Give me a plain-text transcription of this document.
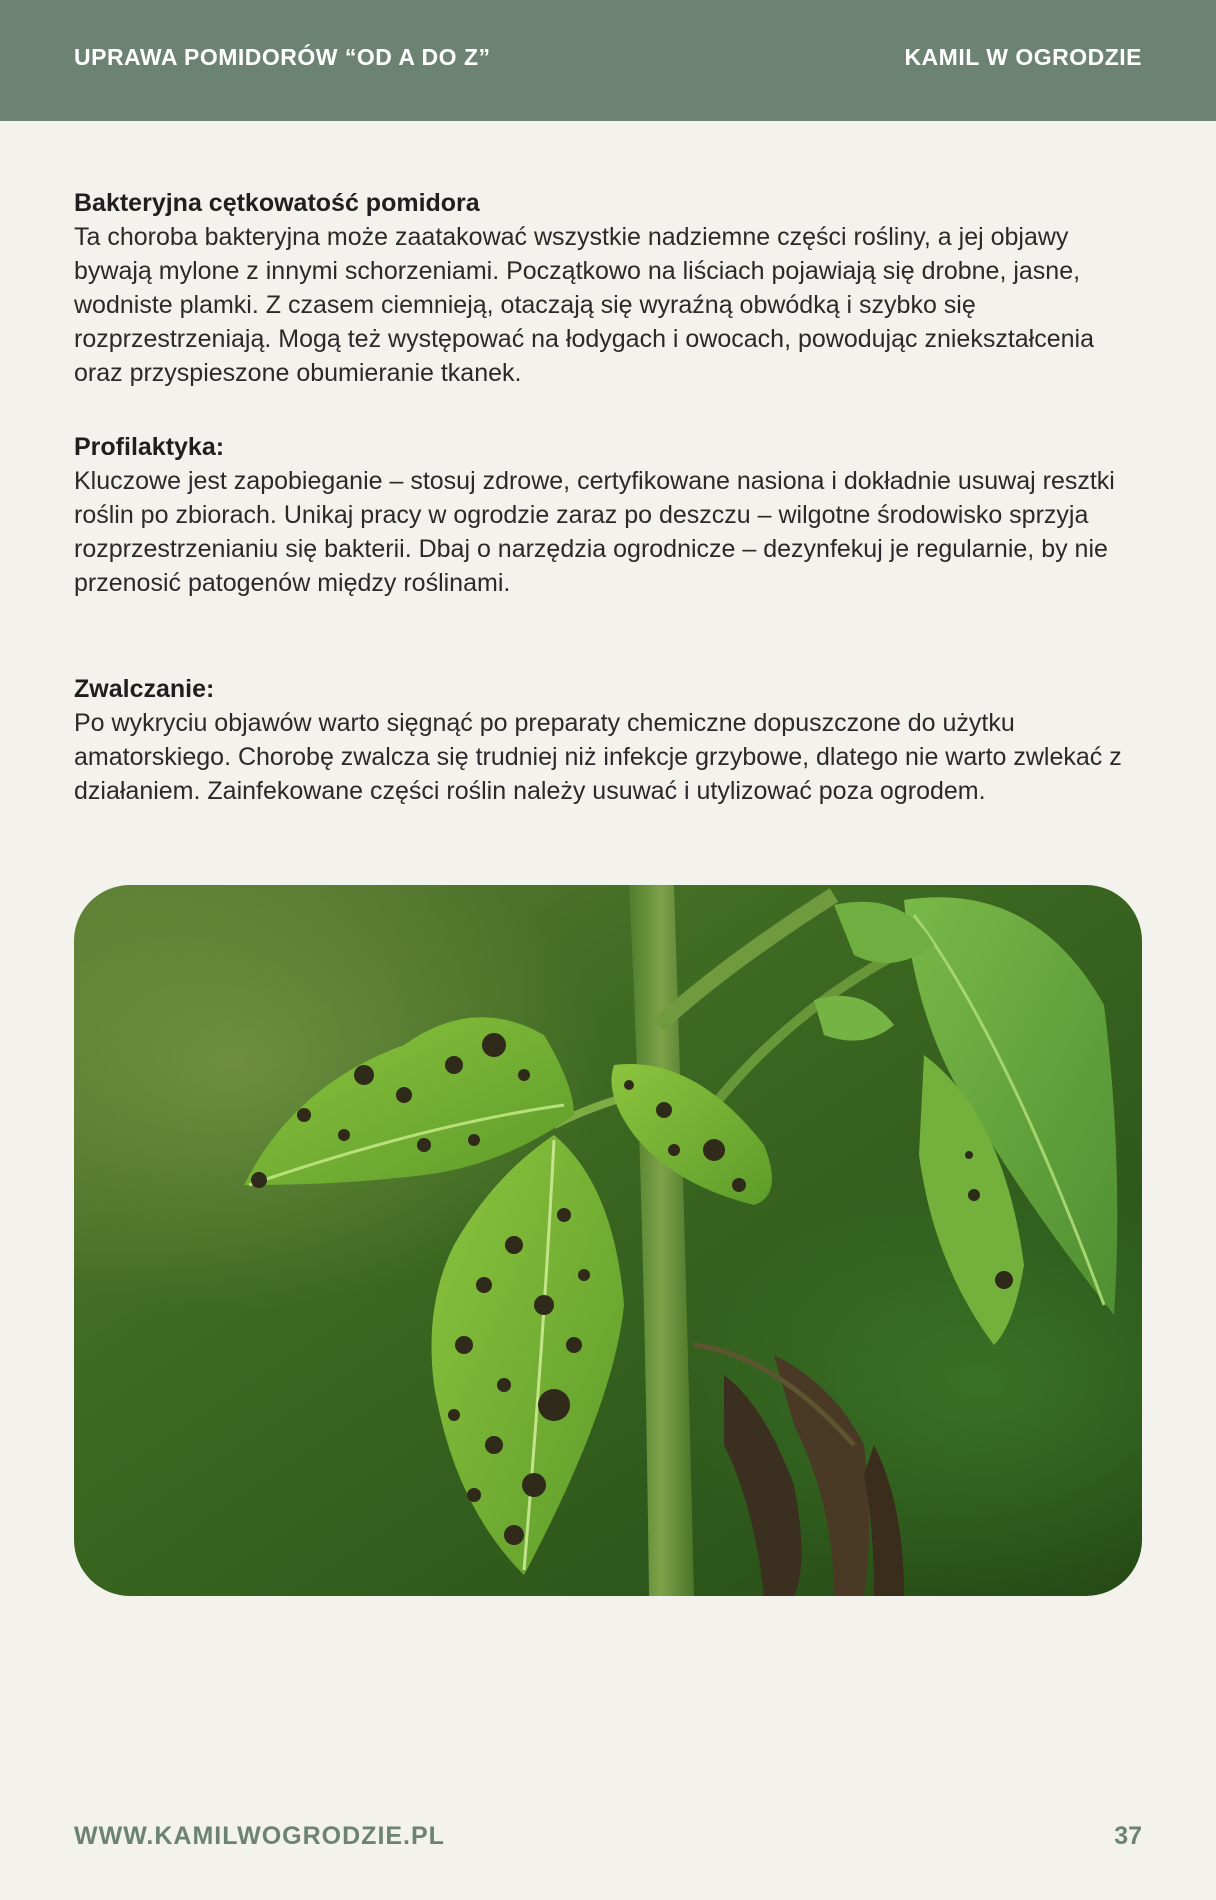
UPRAWA POMIDORÓW “OD A DO Z”	KAMIL W OGRODZIE
Bakteryjna cętkowatość pomidora

Ta choroba bakteryjna może zaatakować wszystkie nadziemne części rośliny, a jej objawy bywają mylone z innymi schorzeniami. Początkowo na liściach pojawiają się drobne, jasne, wodniste plamki. Z czasem ciemnieją, otaczają się wyraźną obwódką i szybko się rozprzestrzeniają. Mogą też występować na łodygach i owocach, powodując zniekształcenia oraz przyspieszone obumieranie tkanek.

Profilaktyka:

Kluczowe jest zapobieganie – stosuj zdrowe, certyfikowane nasiona i dokładnie usuwaj resztki roślin po zbiorach. Unikaj pracy w ogrodzie zaraz po deszczu – wilgotne środowisko sprzyja rozprzestrzenianiu się bakterii. Dbaj o narzędzia ogrodnicze – dezynfekuj je regularnie, by nie przenosić patogenów między roślinami.

Zwalczanie:

Po wykryciu objawów warto sięgnąć po preparaty chemiczne dopuszczone do użytku amatorskiego. Chorobę zwalcza się trudniej niż infekcje grzybowe, dlatego nie warto zwlekać z działaniem. Zainfekowane części roślin należy usuwać i utylizować poza ogrodem.

WWW.KAMILWOGRODZIE.PL	37
